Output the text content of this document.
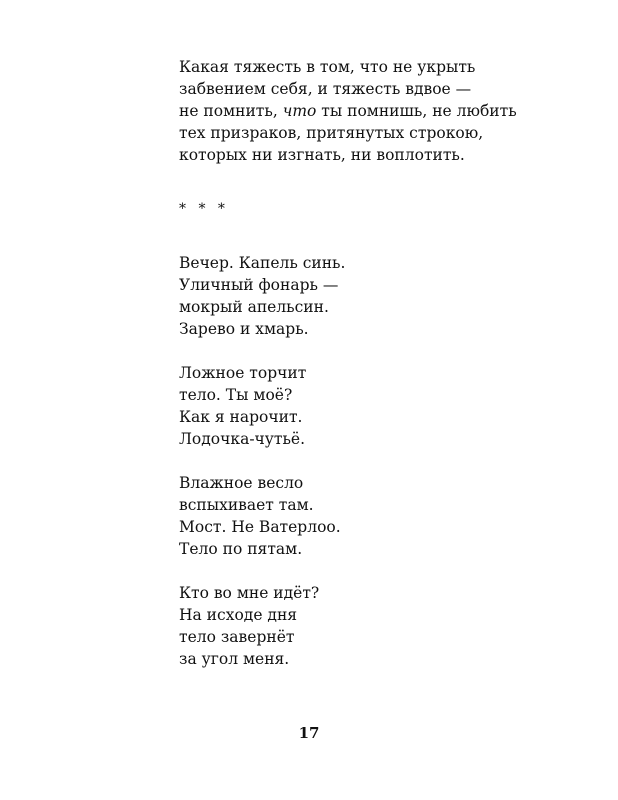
Какая тяжесть в том, что не укрыть
забвением себя, и тяжесть вдвое —
не помнить, что ты помнишь, не любить
тех призраков, притянутых строкою,
которых ни изгнать, ни воплотить.
* * *
Вечер. Капель синь.
Уличный фонарь —
мокрый апельсин.
Зарево и хмарь.
Ложное торчит
тело. Ты моё?
Как я нарочит.
Лодочка-чутьё.
Влажное весло
вспыхивает там.
Мост. Не Ватерлоо.
Тело по пятам.
Кто во мне идёт?
На исходе дня
тело завернёт
за угол меня.
17
